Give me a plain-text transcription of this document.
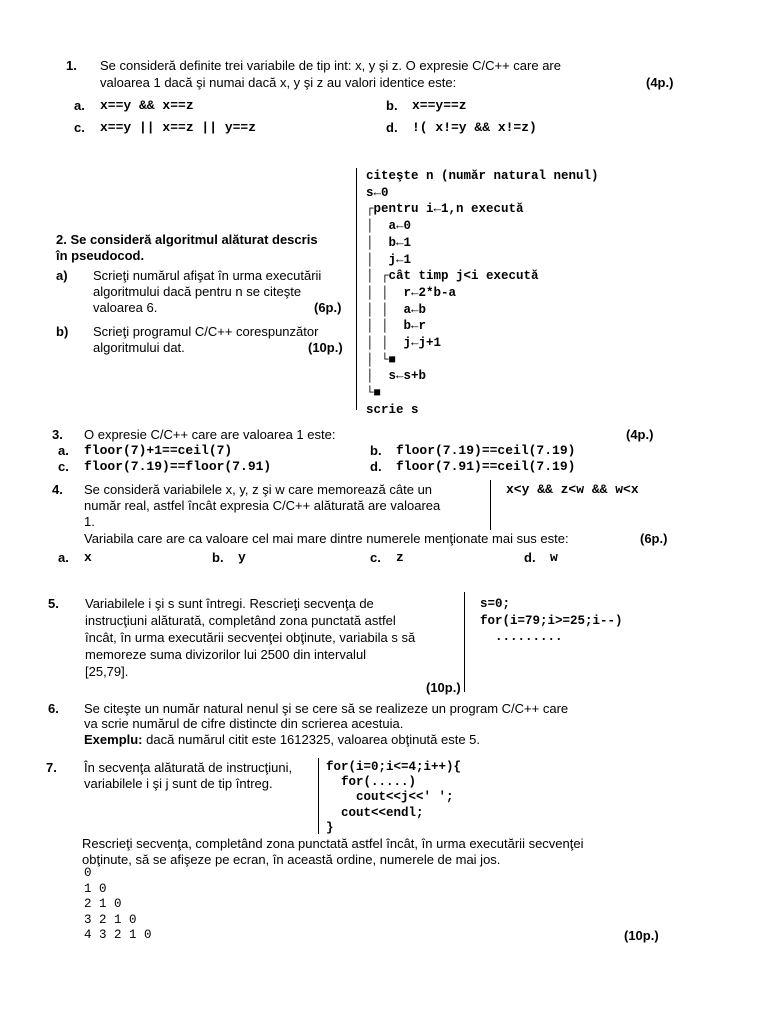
1. Se consideră definite trei variabile de tip int: x, y şi z. O expresie C/C++ care are
valoarea 1 dacă şi numai dacă x, y şi z au valori identice este:	(4p.)
a. x==y && x==z	b. x==y==z
c. x==y || x==z || y==z	d. !( x!=y && x!=z)
2. Se consideră algoritmul alăturat descris
în pseudocod.
a) Scrieţi numărul afişat în urma executării
algoritmului dacă pentru n se citeşte
valoarea 6.	(6p.)
b) Scrieţi programul C/C++ corespunzător
algoritmului dat.	(10p.)
citeşte n (număr natural nenul)
s←0
┌pentru i←1,n execută
│  a←0
│  b←1
│  j←1
│ ┌cât timp j<i execută
│ │  r←2*b-a
│ │  a←b
│ │  b←r
│ │  j←j+1
│ └■
│  s←s+b
└■
scrie s
3. O expresie C/C++ care are valoarea 1 este:	(4p.)
a. floor(7)+1==ceil(7)	b. floor(7.19)==ceil(7.19)
c. floor(7.19)==floor(7.91)	d. floor(7.91)==ceil(7.19)
4. Se consideră variabilele x, y, z şi w care memorează câte un
număr real, astfel încât expresia C/C++ alăturată are valoarea
1.
x<y && z<w && w<x
Variabila care are ca valoare cel mai mare dintre numerele menţionate mai sus este:	(6p.)
a. x	b. y	c. z	d. w
5. Variabilele i şi s sunt întregi. Rescrieţi secvenţa de
instrucţiuni alăturată, completând zona punctată astfel
încât, în urma executării secvenţei obţinute, variabila s să
memoreze suma divizorilor lui 2500 din intervalul
[25,79].
(10p.)
s=0;
for(i=79;i>=25;i--)
.........
6. Se citeşte un număr natural nenul şi se cere să se realizeze un program C/C++ care
va scrie numărul de cifre distincte din scrierea acestuia.
Exemplu: dacă numărul citit este 1612325, valoarea obţinută este 5.
7. În secvenţa alăturată de instrucţiuni,
variabilele i şi j sunt de tip întreg.
for(i=0;i<=4;i++){
for(.....)
cout<<j<<' ';
cout<<endl;
}
Rescrieţi secvenţa, completând zona punctată astfel încât, în urma executării secvenţei
obţinute, să se afişeze pe ecran, în această ordine, numerele de mai jos.
0
1 0
2 1 0
3 2 1 0
4 3 2 1 0	(10p.)
